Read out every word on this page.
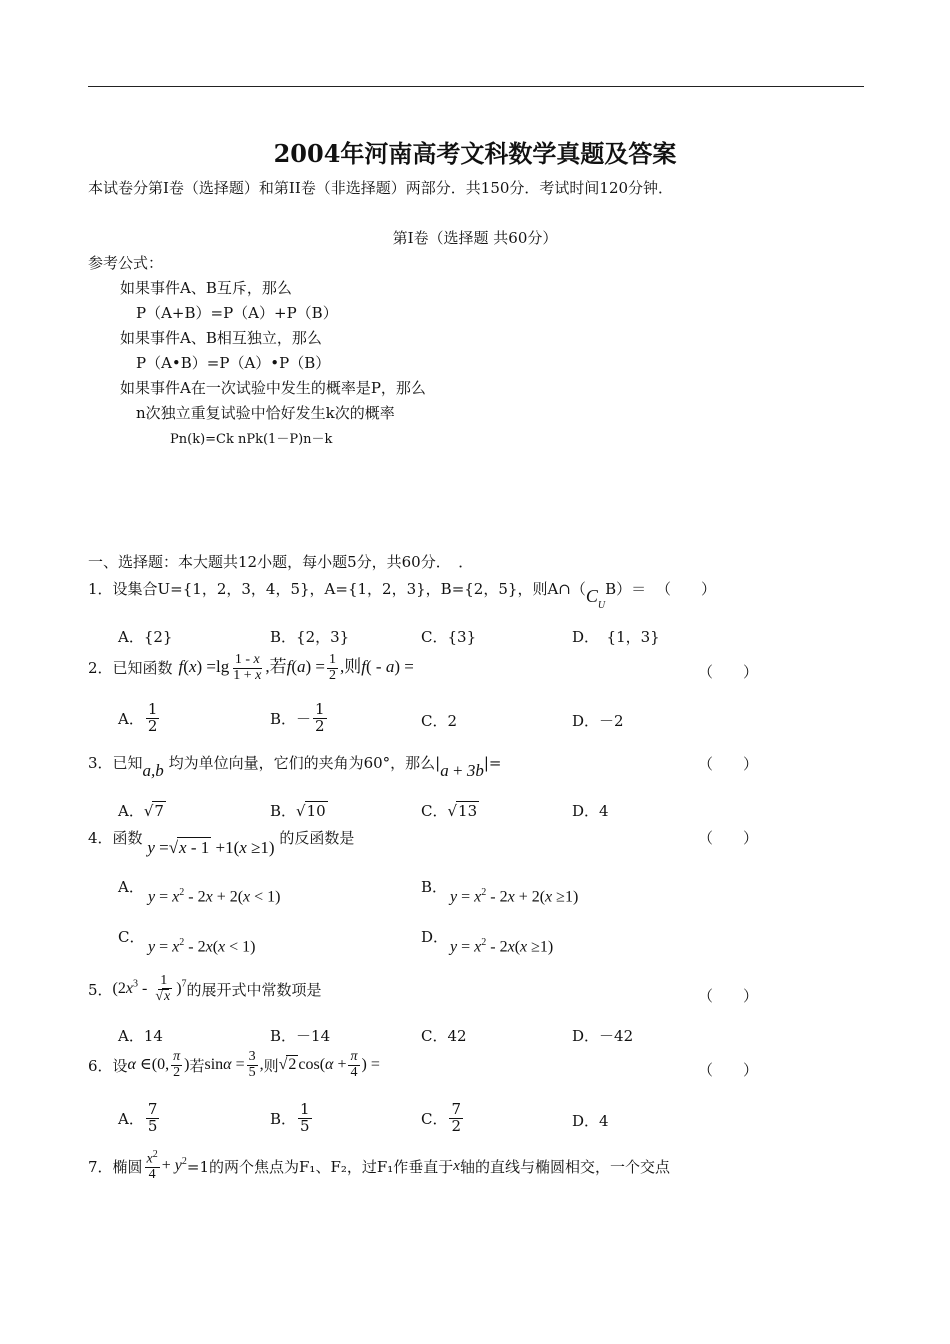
2004年河南高考文科数学真题及答案
本试卷分第Ⅰ卷（选择题）和第II卷（非选择题）两部分．共150分．考试时间120分钟．
第Ⅰ卷（选择题 共60分）
参考公式：
如果事件A、B互斥，那么
P（A+B）=P（A）+P（B）
如果事件A、B相互独立，那么
P（A•B）=P（A）•P（B）
如果事件A在一次试验中发生的概率是P，那么
n次独立重复试验中恰好发生k次的概率
Pn(k)=Ck nPk(1－P)n－k
一、选择题：本大题共12小题，每小题5分，共60分．　．
1．设集合U={1，2，3，4，5}，A={1，2，3}，B={2，5}，则$A\cap(C_UB)=$ （　　）
A．{2}	B．{2，3}	C．{3}	D．　{1，3}
2．已知函数 $f(x) =\lg \frac{1 - x}{1 + x}$ ,若$f(a) = \frac{1}{2}$ ,则f( - a) =	（　　）
A． $\frac{1}{2}$	B．－ $\frac{1}{2}$	C．2	D．－2
3．已知a,b 均为单位向量，它们的夹角为60°，那么|a + 3b|=	（　　）
A．√7	B．√10	C．√13	D．4
4．函数 y =√x - 1 +1(x ≥1) 的反函数是	（　　）
A．
$y = x^2 - 2x + 2(x < 1)$
B．
$y = x^2 - 2x + 2(x \ge 1)$
C．
$y = x^2 - 2x(x < 1)$
D．
$y = x^2 - 2x(x \ge 1)$
5． $(2x^3 - \frac{1}{√x} )^7$ 的展开式中常数项是	（　　）
A．14	B．－14	C．42	D．－42
6．设 α ∈(0, $\frac{\pi}{2}$ ) 若 $\sin\alpha = \frac{3}{5}$ , 则 √2 $\cos(\alpha + \frac{\pi}{4}$ ) =	（　　）
A． $\frac{7}{5}$	B． $\frac{1}{5}$	C． $\frac{7}{2}$	D．4
7．椭圆 $\frac{x^2}{4} + y^2 =1$的两个焦点为F₁、F₂，过F₁作垂直于 x 轴的直线与椭圆相交，一个交点
